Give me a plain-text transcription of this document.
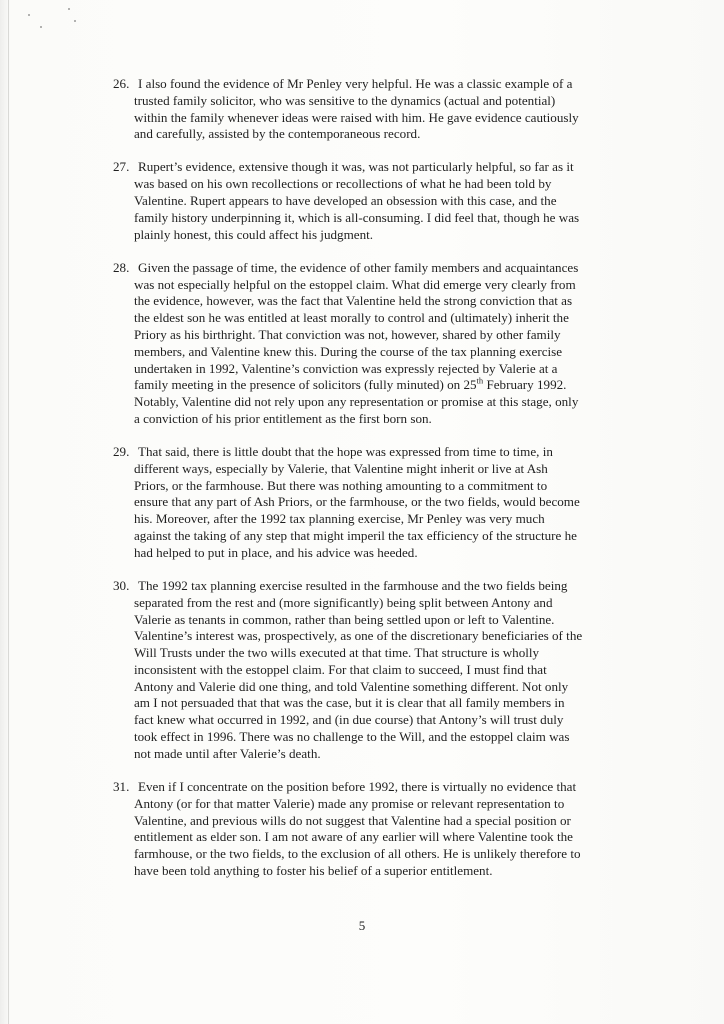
26. I also found the evidence of Mr Penley very helpful. He was a classic example of a
trusted family solicitor, who was sensitive to the dynamics (actual and potential)
within the family whenever ideas were raised with him. He gave evidence cautiously
and carefully, assisted by the contemporaneous record.
27. Rupert’s evidence, extensive though it was, was not particularly helpful, so far as it
was based on his own recollections or recollections of what he had been told by
Valentine. Rupert appears to have developed an obsession with this case, and the
family history underpinning it, which is all-consuming. I did feel that, though he was
plainly honest, this could affect his judgment.
28. Given the passage of time, the evidence of other family members and acquaintances
was not especially helpful on the estoppel claim. What did emerge very clearly from
the evidence, however, was the fact that Valentine held the strong conviction that as
the eldest son he was entitled at least morally to control and (ultimately) inherit the
Priory as his birthright. That conviction was not, however, shared by other family
members, and Valentine knew this. During the course of the tax planning exercise
undertaken in 1992, Valentine’s conviction was expressly rejected by Valerie at a
family meeting in the presence of solicitors (fully minuted) on 25th February 1992.
Notably, Valentine did not rely upon any representation or promise at this stage, only
a conviction of his prior entitlement as the first born son.
29. That said, there is little doubt that the hope was expressed from time to time, in
different ways, especially by Valerie, that Valentine might inherit or live at Ash
Priors, or the farmhouse. But there was nothing amounting to a commitment to
ensure that any part of Ash Priors, or the farmhouse, or the two fields, would become
his. Moreover, after the 1992 tax planning exercise, Mr Penley was very much
against the taking of any step that might imperil the tax efficiency of the structure he
had helped to put in place, and his advice was heeded.
30. The 1992 tax planning exercise resulted in the farmhouse and the two fields being
separated from the rest and (more significantly) being split between Antony and
Valerie as tenants in common, rather than being settled upon or left to Valentine.
Valentine’s interest was, prospectively, as one of the discretionary beneficiaries of the
Will Trusts under the two wills executed at that time. That structure is wholly
inconsistent with the estoppel claim. For that claim to succeed, I must find that
Antony and Valerie did one thing, and told Valentine something different. Not only
am I not persuaded that that was the case, but it is clear that all family members in
fact knew what occurred in 1992, and (in due course) that Antony’s will trust duly
took effect in 1996. There was no challenge to the Will, and the estoppel claim was
not made until after Valerie’s death.
31. Even if I concentrate on the position before 1992, there is virtually no evidence that
Antony (or for that matter Valerie) made any promise or relevant representation to
Valentine, and previous wills do not suggest that Valentine had a special position or
entitlement as elder son. I am not aware of any earlier will where Valentine took the
farmhouse, or the two fields, to the exclusion of all others. He is unlikely therefore to
have been told anything to foster his belief of a superior entitlement.
5
